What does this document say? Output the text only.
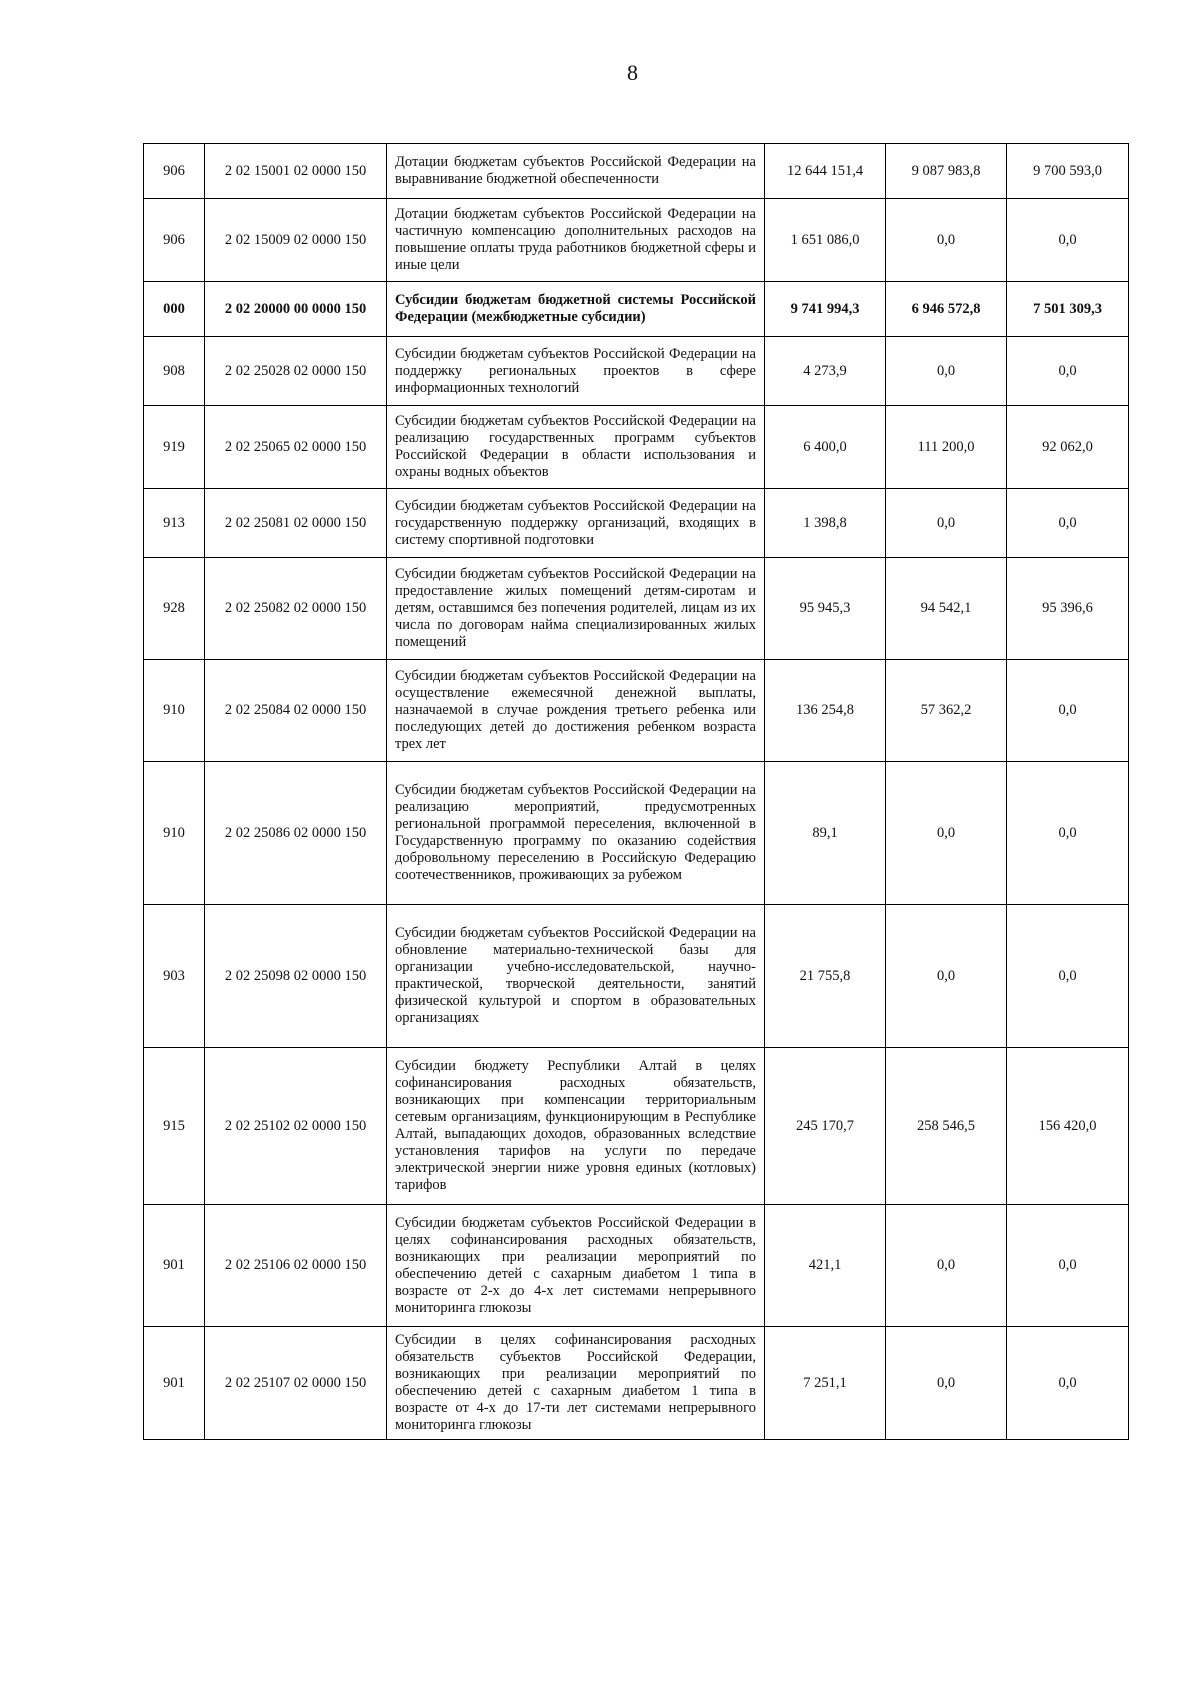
8
906	2 02 15001 02 0000 150	Дотации бюджетам субъектов Российской Федерации на выравнивание бюджетной обеспеченности	12 644 151,4	9 087 983,8	9 700 593,0
906	2 02 15009 02 0000 150	Дотации бюджетам субъектов Российской Федерации на частичную компенсацию дополнительных расходов на повышение оплаты труда работников бюджетной сферы и иные цели	1 651 086,0	0,0	0,0
000	2 02 20000 00 0000 150	Субсидии бюджетам бюджетной системы Российской Федерации (межбюджетные субсидии)	9 741 994,3	6 946 572,8	7 501 309,3
908	2 02 25028 02 0000 150	Субсидии бюджетам субъектов Российской Федерации на поддержку региональных проектов в сфере информационных технологий	4 273,9	0,0	0,0
919	2 02 25065 02 0000 150	Субсидии бюджетам субъектов Российской Федерации на реализацию государственных программ субъектов Российской Федерации в области использования и охраны водных объектов	6 400,0	111 200,0	92 062,0
913	2 02 25081 02 0000 150	Субсидии бюджетам субъектов Российской Федерации на государственную поддержку организаций, входящих в систему спортивной подготовки	1 398,8	0,0	0,0
928	2 02 25082 02 0000 150	Субсидии бюджетам субъектов Российской Федерации на предоставление жилых помещений детям-сиротам и детям, оставшимся без попечения родителей, лицам из их числа по договорам найма специализированных жилых помещений	95 945,3	94 542,1	95 396,6
910	2 02 25084 02 0000 150	Субсидии бюджетам субъектов Российской Федерации на осуществление ежемесячной денежной выплаты, назначаемой в случае рождения третьего ребенка или последующих детей до достижения ребенком возраста трех лет	136 254,8	57 362,2	0,0
910	2 02 25086 02 0000 150	Субсидии бюджетам субъектов Российской Федерации на реализацию мероприятий, предусмотренных региональной программой переселения, включенной в Государственную программу по оказанию содействия добровольному переселению в Российскую Федерацию соотечественников, проживающих за рубежом	89,1	0,0	0,0
903	2 02 25098 02 0000 150	Субсидии бюджетам субъектов Российской Федерации на обновление материально-технической базы для организации учебно-исследовательской, научно-практической, творческой деятельности, занятий физической культурой и спортом в образовательных организациях	21 755,8	0,0	0,0
915	2 02 25102 02 0000 150	Субсидии бюджету Республики Алтай в целях софинансирования расходных обязательств, возникающих при компенсации территориальным сетевым организациям, функционирующим в Республике Алтай, выпадающих доходов, образованных вследствие установления тарифов на услуги по передаче электрической энергии ниже уровня единых (котловых) тарифов	245 170,7	258 546,5	156 420,0
901	2 02 25106 02 0000 150	Субсидии бюджетам субъектов Российской Федерации в целях софинансирования расходных обязательств, возникающих при реализации мероприятий по обеспечению детей с сахарным диабетом 1 типа в возрасте от 2-х до 4-х лет системами непрерывного мониторинга глюкозы	421,1	0,0	0,0
901	2 02 25107 02 0000 150	Субсидии в целях софинансирования расходных обязательств субъектов Российской Федерации, возникающих при реализации мероприятий по обеспечению детей с сахарным диабетом 1 типа в возрасте от 4-х до 17-ти лет системами непрерывного мониторинга глюкозы	7 251,1	0,0	0,0
